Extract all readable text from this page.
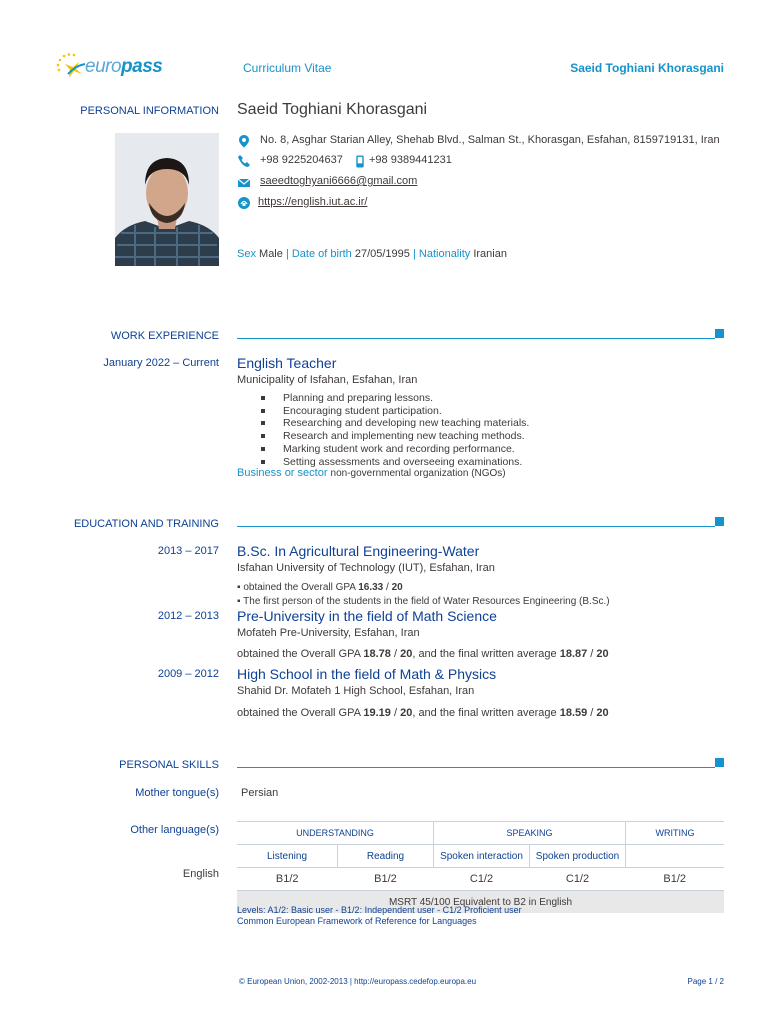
europass	Curriculum Vitae	Saeid Toghiani Khorasgani
PERSONAL INFORMATION Saeid Toghiani Khorasgani
No. 8, Asghar Starian Alley, Shehab Blvd., Salman St., Khorasgan, Esfahan, 8159719131, Iran
+98 9225204637 +98 9389441231
saeedtoghyani6666@gmail.com
https://english.iut.ac.ir/
Sex Male | Date of birth 27/05/1995 | Nationality Iranian
WORK EXPERIENCE
January 2022 – Current English Teacher
Municipality of Isfahan, Esfahan, Iran
Planning and preparing lessons.
Encouraging student participation.
Researching and developing new teaching materials.
Research and implementing new teaching methods.
Marking student work and recording performance.
Setting assessments and overseeing examinations.
Business or sector non-governmental organization (NGOs)
EDUCATION AND TRAINING
2013 – 2017 B.Sc. In Agricultural Engineering-Water
Isfahan University of Technology (IUT), Esfahan, Iran
▪ obtained the Overall GPA 16.33 / 20
▪ The first person of the students in the field of Water Resources Engineering (B.Sc.)
2012 – 2013 Pre-University in the field of Math Science
Mofateh Pre-University, Esfahan, Iran
obtained the Overall GPA 18.78 / 20, and the final written average 18.87 / 20
2009 – 2012 High School in the field of Math & Physics
Shahid Dr. Mofateh 1 High School, Esfahan, Iran
obtained the Overall GPA 19.19 / 20, and the final written average 18.59 / 20
PERSONAL SKILLS
Mother tongue(s) Persian
Other language(s)
English
UNDERSTANDING		SPEAKING		WRITING
Listening	Reading	Spoken interaction	Spoken production	
B1/2	B1/2	C1/2	C1/2	B1/2
MSRT 45/100 Equivalent to B2 in English				
Levels: A1/2: Basic user - B1/2: Independent user - C1/2 Proficient user
Common European Framework of Reference for Languages
© European Union, 2002-2013 | http://europass.cedefop.europa.eu	Page 1 / 2
